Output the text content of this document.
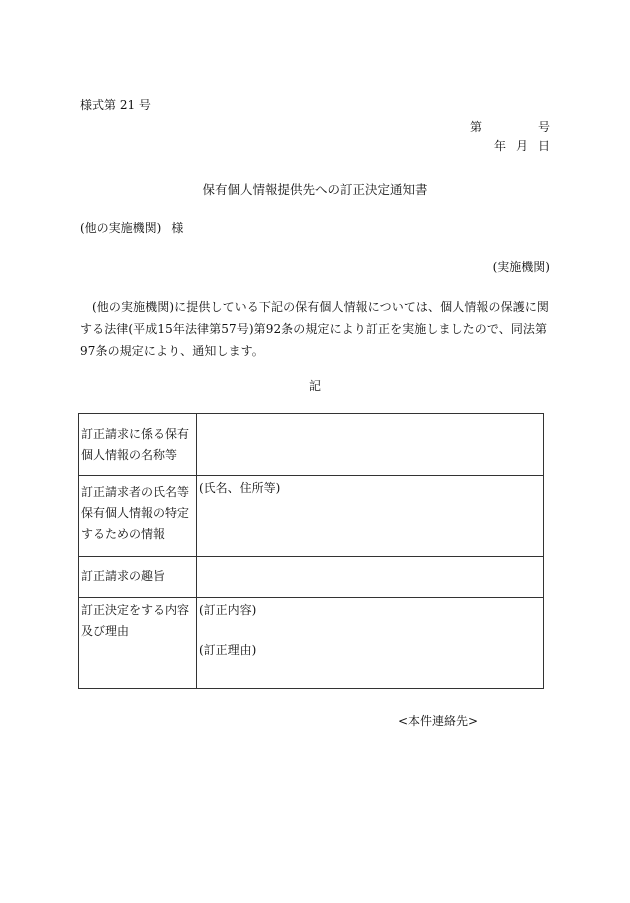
様式第 21 号
第	号
年 月 日
保有個人情報提供先への訂正決定通知書
(他の実施機関) 様
(実施機関)
(他の実施機関)に提供している下記の保有個人情報については、個人情報の保護に関する法律(平成15年法律第57号)第92条の規定により訂正を実施しましたので、同法第97条の規定により、通知します。
記
訂正請求に係る保有個人情報の名称等	
訂正請求者の氏名等保有個人情報の特定するための情報	(氏名、住所等)
訂正請求の趣旨	
訂正決定をする内容及び理由	(訂正内容)
(訂正理由)
<本件連絡先>
